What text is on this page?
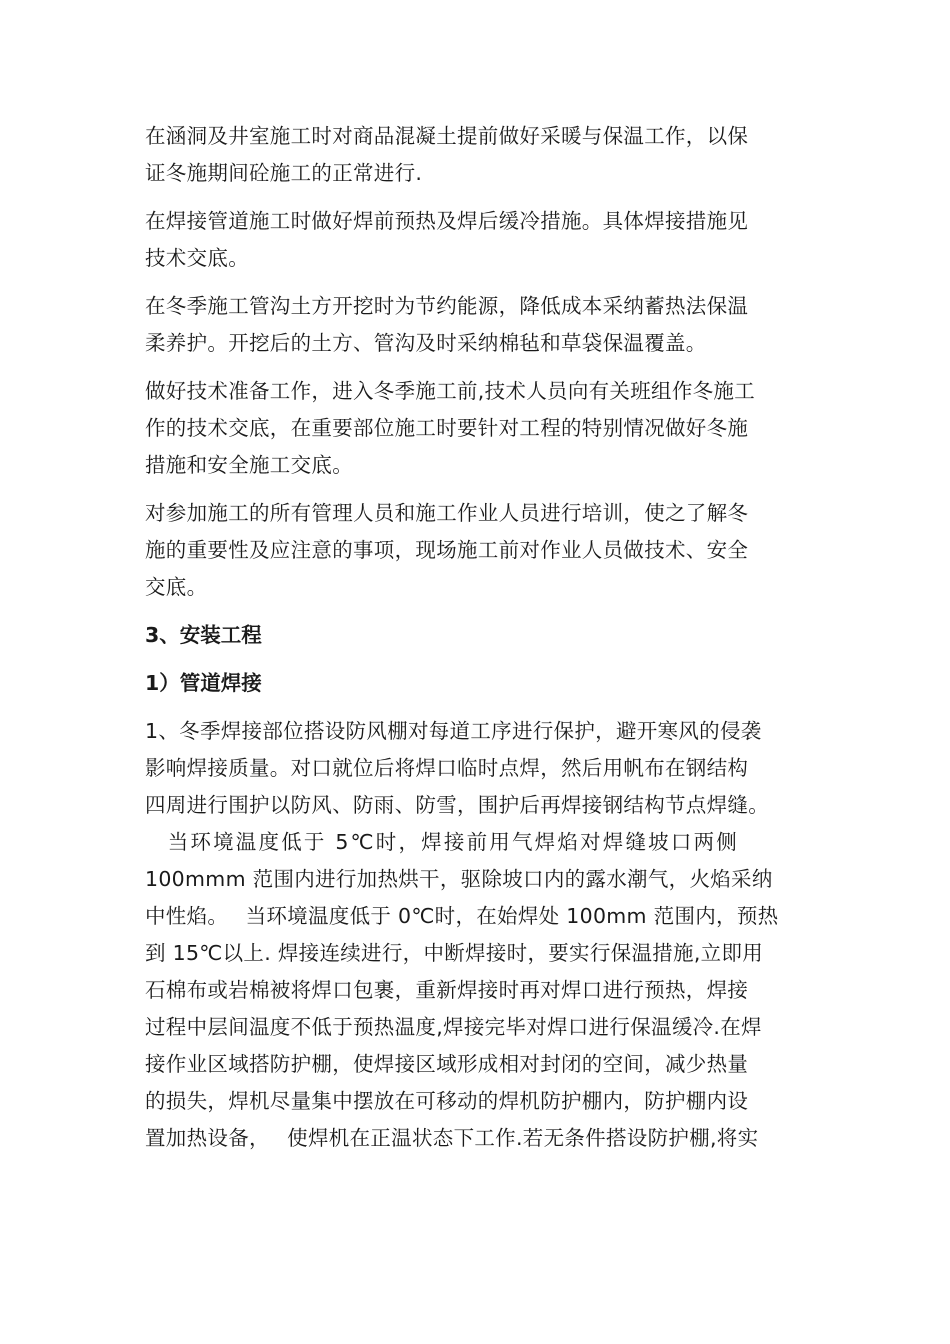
在涵洞及井室施工时对商品混凝土提前做好采暖与保温工作，以保
证冬施期间砼施工的正常进行.
在焊接管道施工时做好焊前预热及焊后缓冷措施。具体焊接措施见
技术交底。
在冬季施工管沟土方开挖时为节约能源，降低成本采纳蓄热法保温
柔养护。开挖后的土方、管沟及时采纳棉毡和草袋保温覆盖。
做好技术准备工作，进入冬季施工前,技术人员向有关班组作冬施工
作的技术交底，在重要部位施工时要针对工程的特别情况做好冬施
措施和安全施工交底。
对参加施工的所有管理人员和施工作业人员进行培训，使之了解冬
施的重要性及应注意的事项，现场施工前对作业人员做技术、安全
交底。
3、安装工程
1）管道焊接
1、冬季焊接部位搭设防风棚对每道工序进行保护，避开寒风的侵袭
影响焊接质量。对口就位后将焊口临时点焊，然后用帆布在钢结构
四周进行围护以防风、防雨、防雪，围护后再焊接钢结构节点焊缝。
　当环境温度低于 5℃时，焊接前用气焊焰对焊缝坡口两侧
100mmm 范围内进行加热烘干，驱除坡口内的露水潮气，火焰采纳
中性焰。　 当环境温度低于 0℃时，在始焊处 100mm 范围内，预热
到 15℃以上. 焊接连续进行，中断焊接时，要实行保温措施,立即用
石棉布或岩棉被将焊口包裹，重新焊接时再对焊口进行预热，焊接
过程中层间温度不低于预热温度,焊接完毕对焊口进行保温缓冷.在焊
接作业区域搭防护棚，使焊接区域形成相对封闭的空间，减少热量
的损失，焊机尽量集中摆放在可移动的焊机防护棚内，防护棚内设
置加热设备，　 使焊机在正温状态下工作.若无条件搭设防护棚,将实
